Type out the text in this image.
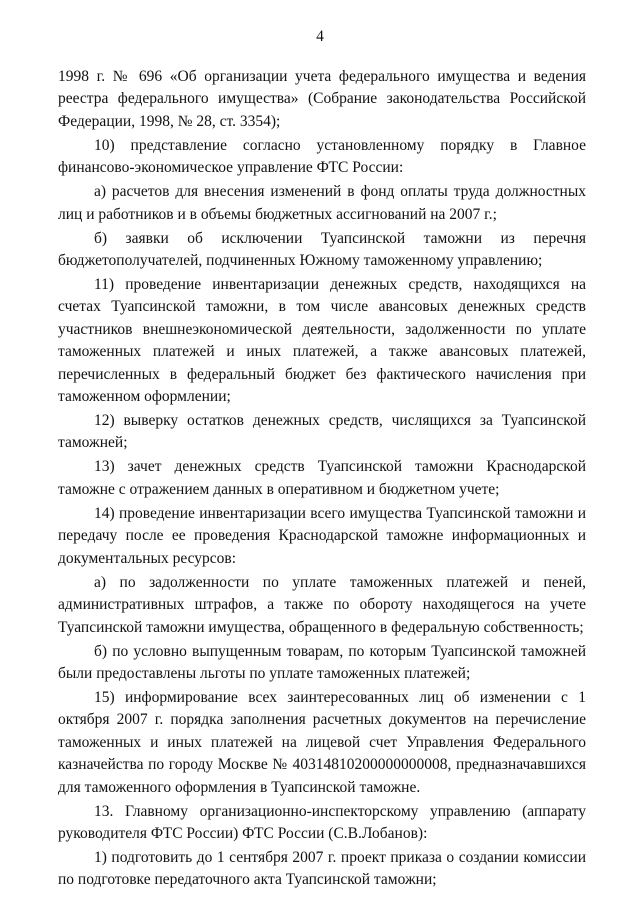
4

1998 г. № 696 «Об организации учета федерального имущества и ведения реестра федерального имущества» (Собрание законодательства Российской Федерации, 1998, № 28, ст. 3354);

10) представление согласно установленному порядку в Главное финансово-экономическое управление ФТС России:

а) расчетов для внесения изменений в фонд оплаты труда должностных лиц и работников и в объемы бюджетных ассигнований на 2007 г.;

б) заявки об исключении Туапсинской таможни из перечня бюджетополучателей, подчиненных Южному таможенному управлению;

11) проведение инвентаризации денежных средств, находящихся на счетах Туапсинской таможни, в том числе авансовых денежных средств участников внешнеэкономической деятельности, задолженности по уплате таможенных платежей и иных платежей, а также авансовых платежей, перечисленных в федеральный бюджет без фактического начисления при таможенном оформлении;

12) выверку остатков денежных средств, числящихся за Туапсинской таможней;

13) зачет денежных средств Туапсинской таможни Краснодарской таможне с отражением данных в оперативном и бюджетном учете;

14) проведение инвентаризации всего имущества Туапсинской таможни и передачу после ее проведения Краснодарской таможне информационных и документальных ресурсов:

а) по задолженности по уплате таможенных платежей и пеней, административных штрафов, а также по обороту находящегося на учете Туапсинской таможни имущества, обращенного в федеральную собственность;

б) по условно выпущенным товарам, по которым Туапсинской таможней были предоставлены льготы по уплате таможенных платежей;

15) информирование всех заинтересованных лиц об изменении с 1 октября 2007 г. порядка заполнения расчетных документов на перечисление таможенных и иных платежей на лицевой счет Управления Федерального казначейства по городу Москве № 40314810200000000008, предназначавшихся для таможенного оформления в Туапсинской таможне.

13. Главному организационно-инспекторскому управлению (аппарату руководителя ФТС России) ФТС России (С.В.Лобанов):

1) подготовить до 1 сентября 2007 г. проект приказа о создании комиссии по подготовке передаточного акта Туапсинской таможни;
